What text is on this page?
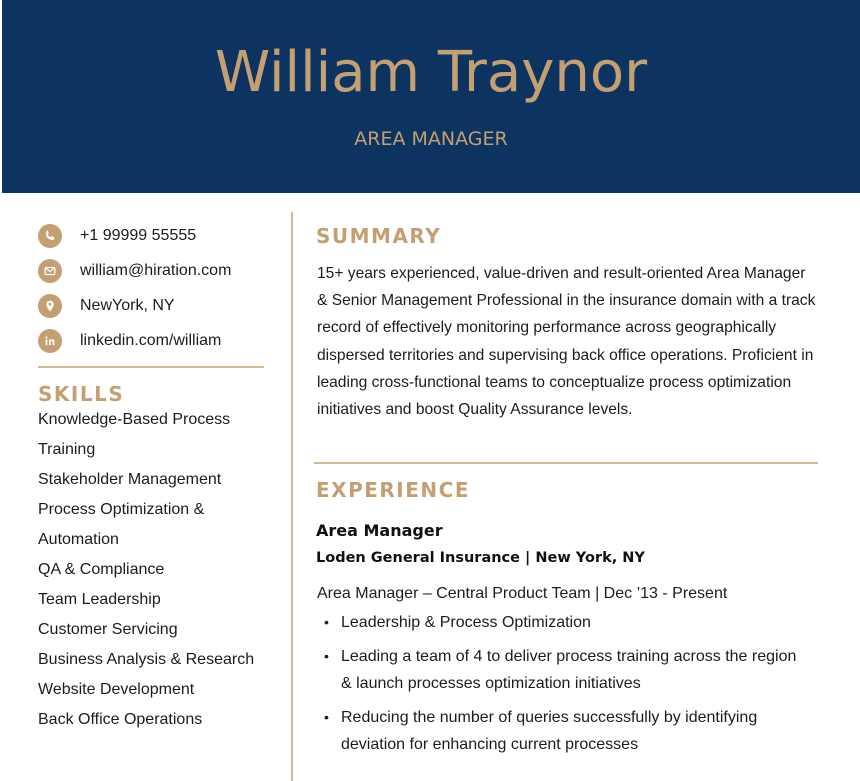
William Traynor
AREA MANAGER
+1 99999 55555
william@hiration.com
NewYork, NY
linkedin.com/william
SKILLS
Knowledge-Based Process
Training
Stakeholder Management
Process Optimization &
Automation
QA & Compliance
Team Leadership
Customer Servicing
Business Analysis & Research
Website Development
Back Office Operations
SUMMARY

15+ years experienced, value-driven and result-oriented Area Manager & Senior Management Professional in the insurance domain with a track record of effectively monitoring performance across geographically dispersed territories and supervising back office operations. Proficient in leading cross-functional teams to conceptualize process optimization initiatives and boost Quality Assurance levels.

EXPERIENCE
Area Manager
Loden General Insurance | New York, NY
Area Manager – Central Product Team | Dec ’13 - Present
• Leadership & Process Optimization
• Leading a team of 4 to deliver process training across the region & launch processes optimization initiatives
• Reducing the number of queries successfully by identifying deviation for enhancing current processes
